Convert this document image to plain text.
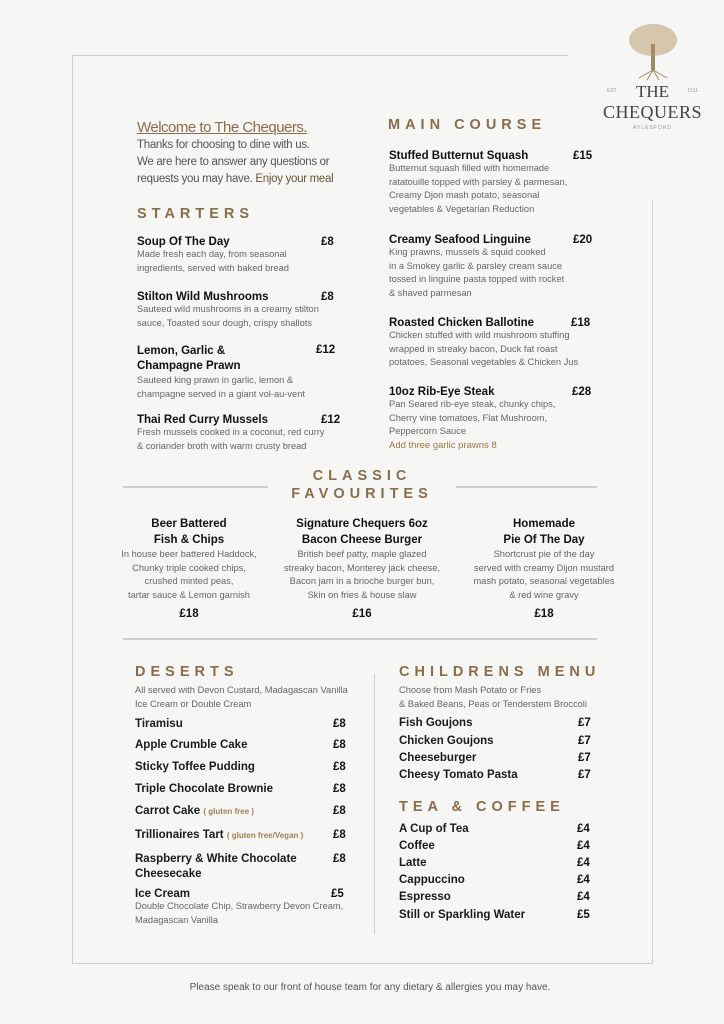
EST THE	1511
CHEQUERS
AYLESFORD
Welcome to The Chequers.
Thanks for choosing to dine with us.
We are here to answer any questions or
requests you may have. Enjoy your meal
STARTERS
Soup Of The Day	£8
Made fresh each day, from seasonal
ingredients, served with baked bread
Stilton Wild Mushrooms	£8
Sauteed wild mushrooms in a creamy stilton
sauce, Toasted sour dough, crispy shallots
Lemon, Garlic &
Champagne Prawn
£12
Sauteed king prawn in garlic, lemon &
champagne served in a giant vol-au-vent
Thai Red Curry Mussels	£12
Fresh mussels cooked in a coconut, red curry
& coriander broth with warm crusty bread
MAIN COURSE
Stuffed Butternut Squash	£15
Butternut squash filled with homemade
ratatouille topped with parsley & parmesan,
Creamy Djon mash potato, seasonal
vegetables & Vegetarian Reduction
Creamy Seafood Linguine	£20
King prawns, mussels & squid cooked
in a Smokey garlic & parsley cream sauce
tossed in linguine pasta topped with rocket
& shaved parmesan
Roasted Chicken Ballotine	£18
Chicken stuffed with wild mushroom stuffing
wrapped in streaky bacon, Duck fat roast
potatoes, Seasonal vegetables & Chicken Jus
10oz Rib-Eye Steak	£28
Pan Seared rib-eye steak, chunky chips,
Cherry vine tomatoes, Flat Mushroom,
Peppercorn Sauce
Add three garlic prawns 8
CLASSIC
FAVOURITES
Beer Battered
Fish & Chips
In house beer battered Haddock,
Chunky triple cooked chips,
crushed minted peas,
tartar sauce & Lemon garnish
£18
Signature Chequers 6oz
Bacon Cheese Burger
British beef patty, maple glazed
streaky bacon, Monterey jack cheese,
Bacon jam in a brioche burger bun,
Skin on fries & house slaw
£16
Homemade
Pie Of The Day
Shortcrust pie of the day
served with creamy Dijon mustard
mash potato, seasonal vegetables
& red wine gravy
£18
DESERTS
All served with Devon Custard, Madagascan Vanilla
Ice Cream or Double Cream
Tiramisu	£8
Apple Crumble Cake	£8
Sticky Toffee Pudding	£8
Triple Chocolate Brownie	£8
Carrot Cake ( gluten free )	£8
Trillionaires Tart ( gluten free/Vegan )	£8
Raspberry & White Chocolate
Cheesecake
£8
Ice Cream	£5
Double Chocolate Chip, Strawberry Devon Cream,
Madagascan Vanilla
CHILDRENS MENU
Choose from Mash Potato or Fries
& Baked Beans, Peas or Tenderstem Broccoli
Fish Goujons	£7
Chicken Goujons	£7
Cheeseburger	£7
Cheesy Tomato Pasta	£7
TEA & COFFEE
A Cup of Tea	£4
Coffee	£4
Latte	£4
Cappuccino	£4
Espresso	£4
Still or Sparkling Water	£5
Please speak to our front of house team for any dietary & allergies you may have.
